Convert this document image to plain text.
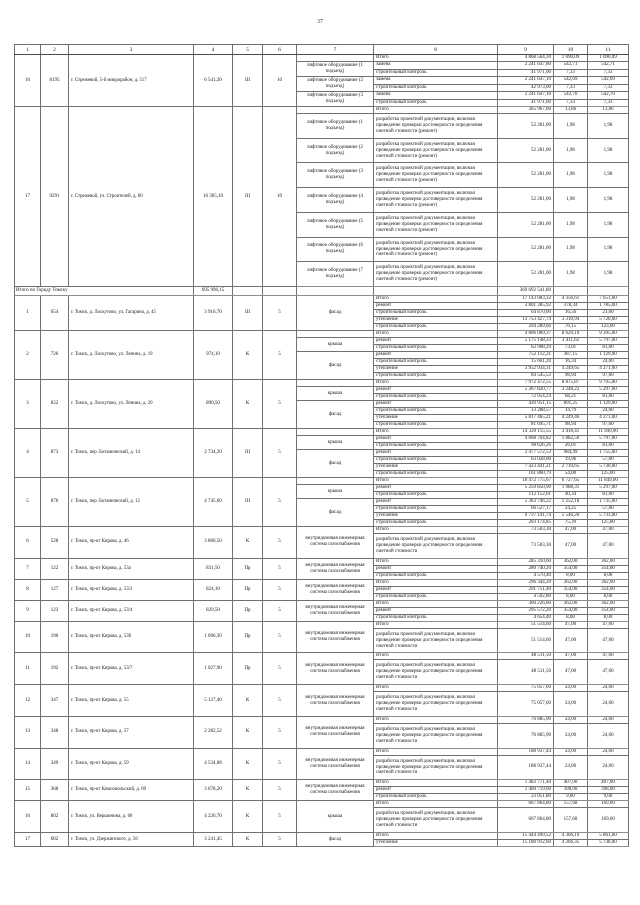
37
1	2	3	4	5	6	7	8	9	10	11
16	8195	г. Стрежевой, 5-й микрорайон, д. 517	6 541,20	III	10		Итого	4 868 564,30	1 090,09	1 090,09
						лифтовое оборудование (1 подъезд)	замена	2 241 647,80	542,71	542,71
							строительный контроль	41 971,00	7,33	7,33
						лифтовое оборудование (2 подъезд)	замена	2 241 647,10	542,69	542,69
							строительный контроль	42 973,00	7,33	7,33
						лифтовое оборудование (3 подъезд)	замена	2 241 647,10	542,70	542,70
							строительный контроль	41 971,00	7,33	7,33
17	9291	г. Стрежевой, ул. Строителей, д. 80	16 305,10	III	10		Итого	365 967,00	13,86	13,86
						лифтовое оборудование (1 подъезд)	разработка проектной документации, включая проведение проверки достоверности определения сметной стоимости (ремонт)	52 281,00	1,98	1,98
						лифтовое оборудование (2 подъезд)	разработка проектной документации, включая проведение проверки достоверности определения сметной стоимости (ремонт)	52 281,00	1,98	1,98
						лифтовое оборудование (3 подъезд)	разработка проектной документации, включая проведение проверки достоверности определения сметной стоимости (ремонт)	52 281,00	1,98	1,98
						лифтовое оборудование (4 подъезд)	разработка проектной документации, включая проведение проверки достоверности определения сметной стоимости (ремонт)	52 281,00	1,98	1,98
						лифтовое оборудование (5 подъезд)	разработка проектной документации, включая проведение проверки достоверности определения сметной стоимости (ремонт)	52 281,00	1,98	1,98
						лифтовое оборудование (6 подъезд)	разработка проектной документации, включая проведение проверки достоверности определения сметной стоимости (ремонт)	52 281,00	1,98	1,98
						лифтовое оборудование (7 подъезд)	разработка проектной документации, включая проведение проверки достоверности определения сметной стоимости (ремонт)	52 281,00	1,98	1,98
Итого по Городу Томску			695 996,15					369 692 541,80		
1	654	г. Томск, д. Лоскутово, ул. Гагарина, д. 45	3 916,70	III	5	фасад	Итого	17 143 083,32	4 356,61	7 651,00
							ремонт	3 801 385,92	378,34	1 785,00
							строительный контроль	64 870,00	16,56	23,00
							утепление	13 753 427,74	3 310,94	5 720,00
							строительный контроль	294 289,66	76,15	123,00
2	726	г. Томск, д. Лоскутово, ул. Ленина, д. 19	974,10	К	5		Итого	4 806 089,37	8 629,19	9 395,00
						крыша	ремонт	5 175 148,33	3 411,62	5 797,00
							строительный контроль	62 908,29	73,01	81,00
						фасад	ремонт	752 112,21	387,15	1 129,00
							строительный контроль	15 661,20	16,34	24,00
							утепление	3 952 934,31	4 249,65	4 271,00
							строительный контроль	84 545,53	98,94	97,00
3	822	г. Томск, д. Лоскутово, ул. Ленина, д. 20	890,50	К	5		Итого	7 972 472,55	8 875,87	9 795,00
						крыша	ремонт	5 367 820,77	3 248,22	5 297,00
							строительный контроль	72 054,24	68,21	81,00
						фасад	ремонт	420 951,15	891,25	1 129,00
							строительный контроль	13 288,57	14,79	24,00
							утепление	5 817 465,21	4 249,46	4 271,00
							строительный контроль	81 695,71	98,94	97,00
4	873	г. Томск, пер. Ботанический, д. 14	2 734,20	III	5		Итого	14 320 115,55	3 418,41	11 949,00
						крыша	ремонт	4 668 764,82	1 882,50	5 797,00
							строительный контроль	98 626,26	26,01	81,00
						фасад	ремонт	2 477 572,53	984,49	1 755,00
							строительный контроль	63 028,06	19,96	57,00
							утепление	7 423 441,21	2 710,65	5 730,00
							строительный контроль	161 860,79	54,00	125,00
5	876	г. Томск, пер. Ботанический, д. 12	4 745,60	III	5		Итого	18 472 775,67	6 727,65	11 849,00
						крыша	ремонт	5 259 850,90	1 988,31	5 297,00
							строительный контроль	112 152,01	40,34	81,00
						фасад	ремонт	5 363 746,22	1 252,18	1 735,00
							строительный контроль	66 527,17	24,25	57,00
							утепление	9 737 141,74	5 546,20	5 733,00
							строительный контроль	203 174,85	75,39	125,00
6	528	г. Томск, пр-кт Кирова, д. 46	3 860,50	К	5	внутридомовая инженерная система газоснабжения	Итого	73 503,30	47,00	47,00
							разработка проектной документации, включая проведение проверки достоверности определения сметной стоимости	73 503,30	47,00	47,00
7	122	г. Томск, пр-кт Кирова, д. 53а	831,50	Пр	5	внутридомовая инженерная система газоснабжения	Итого	285 310,60	362,00	362,00
							ремонт	280 740,20	354,00	354,00
							строительный контроль	4 570,40	8,00	8,00
8	127	г. Томск, пр-кт Кирова, д. 53/2	824,10	Пр	5	внутридомовая инженерная система газоснабжения	Итого	296 344,20	362,00	362,00
							ремонт	291 751,40	354,00	354,00
							строительный контроль	4 592,80	8,00	8,00
9	123	г. Томск, пр-кт Кирова, д. 53/4	829,50	Пр	5	внутридомовая инженерная система газоснабжения	Итого	300 226,60	362,00	362,00
							ремонт	295 572,20	354,00	354,00
							строительный контроль	4 654,40	8,00	8,00
10	190	г. Томск, пр-кт Кирова, д. 53б	1 096,30	Пр	5	внутридомовая инженерная система газоснабжения	Итого	51 514,60	47,00	47,00
							разработка проектной документации, включая проведение проверки достоверности определения сметной стоимости	51 514,60	47,00	47,00
11	192	г. Томск, пр-кт Кирова, д. 53/7	1 027,90	Пр	5	внутридомовая инженерная система газоснабжения	Итого	48 511,50	47,00	47,00
							разработка проектной документации, включая проведение проверки достоверности определения сметной стоимости	48 511,50	47,00	47,00
12	347	г. Томск, пр-кт Кирова, д. 55	5 127,40	К	5	внутридомовая инженерная система газоснабжения	Итого	75 057,60	24,00	24,00
							разработка проектной документации, включая проведение проверки достоверности определения сметной стоимости	75 057,60	24,00	24,00
13	348	г. Томск, пр-кт Кирова, д. 57	2 282,52	К	5	внутридомовая инженерная система газоснабжения	Итого	76 885,90	24,00	24,00
							разработка проектной документации, включая проведение проверки достоверности определения сметной стоимости	76 885,90	24,00	24,00
14	349	г. Томск, пр-кт Кирова, д. 59	4 534,08	К	5	внутридомовая инженерная система газоснабжения	Итого	188 937,44	24,00	24,00
							разработка проектной документации, включая проведение проверки достоверности определения сметной стоимости	188 937,44	24,00	24,00
15	368	г. Томск, пр-кт Комсомольский, д. 69	3 678,20	К	5	внутридомовая инженерная система газоснабжения	Итого	1 483 771,40	407,00	407,00
							ремонт	1 460 719,60	398,00	398,00
							строительный контроль	23 051,80	9,00	9,00
16	802	г. Томск, ул. Вершинина, д. 68	4 226,70	К	5	крыша	Итого	667 864,80	157,68	169,00
							разработка проектной документации, включая проведение проверки достоверности определения сметной стоимости	667 864,80	157,68	169,00
17	602	г. Томск, ул. Дзержинского, д. 56	3 241,45	К	5	фасад	Итого	15 444 499,52	4 366,19	5 861,00
							утепление	15 180 912,60	4 266,35	5 738,00
